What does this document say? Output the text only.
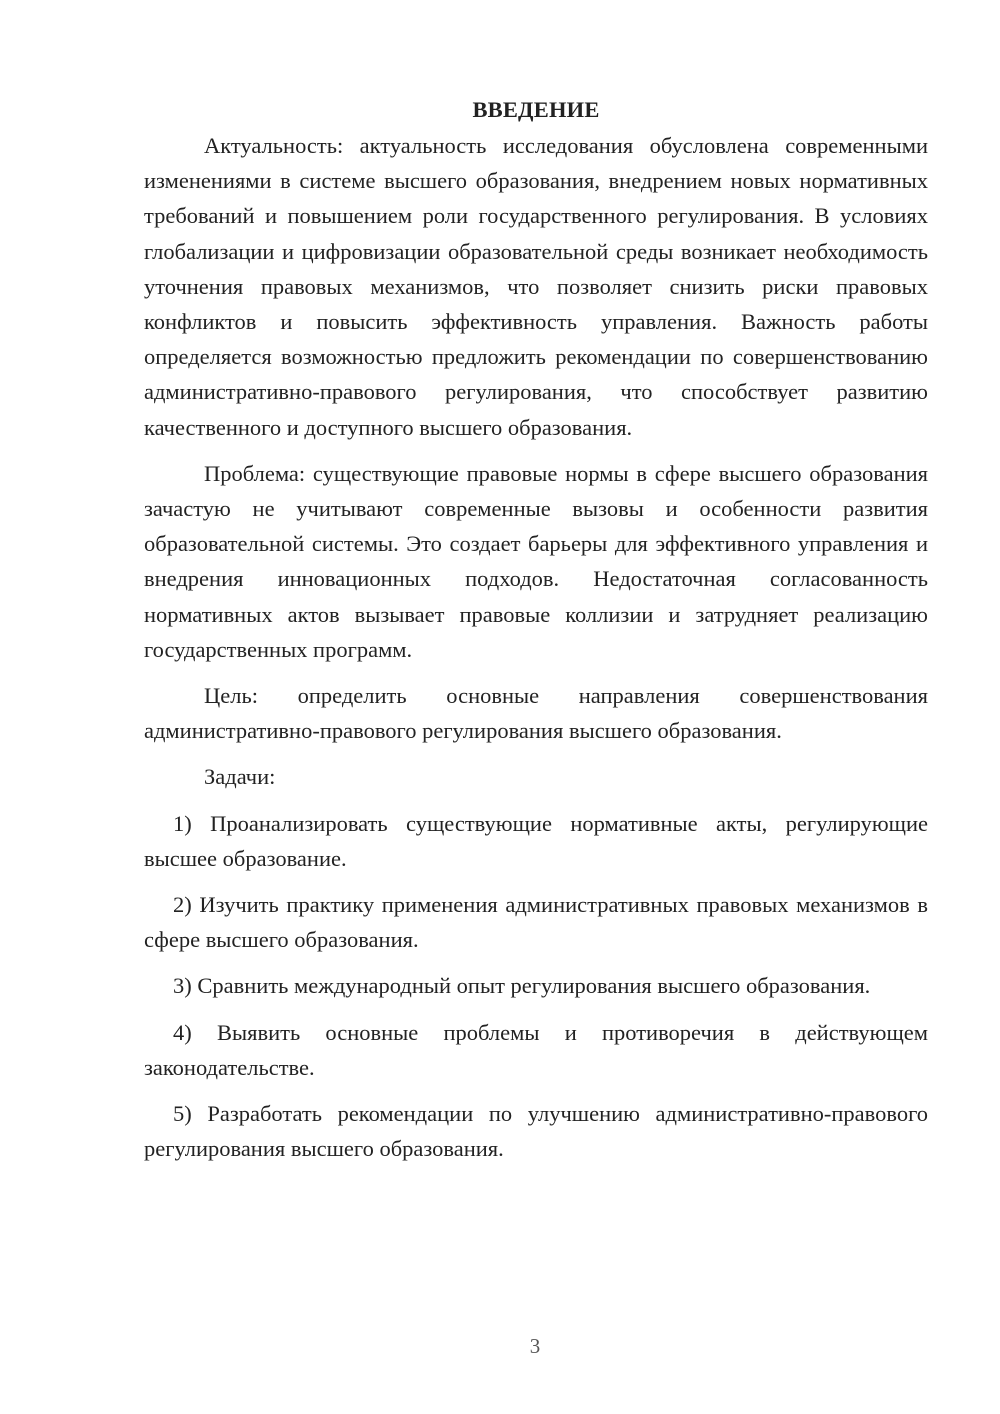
ВВЕДЕНИЕ

Актуальность: актуальность исследования обусловлена современными изменениями в системе высшего образования, внедрением новых нормативных требований и повышением роли государственного регулирования. В условиях глобализации и цифровизации образовательной среды возникает необходимость уточнения правовых механизмов, что позволяет снизить риски правовых конфликтов и повысить эффективность управления. Важность работы определяется возможностью предложить рекомендации по совершенствованию административно-правового регулирования, что способствует развитию качественного и доступного высшего образования.

Проблема: существующие правовые нормы в сфере высшего образования зачастую не учитывают современные вызовы и особенности развития образовательной системы. Это создает барьеры для эффективного управления и внедрения инновационных подходов. Недостаточная согласованность нормативных актов вызывает правовые коллизии и затрудняет реализацию государственных программ.

Цель: определить основные направления совершенствования административно-правового регулирования высшего образования.

Задачи:

1) Проанализировать существующие нормативные акты, регулирующие высшее образование.

2) Изучить практику применения административных правовых механизмов в сфере высшего образования.

3) Сравнить международный опыт регулирования высшего образования.

4) Выявить основные проблемы и противоречия в действующем законодательстве.

5) Разработать рекомендации по улучшению административно-правового регулирования высшего образования.

3
